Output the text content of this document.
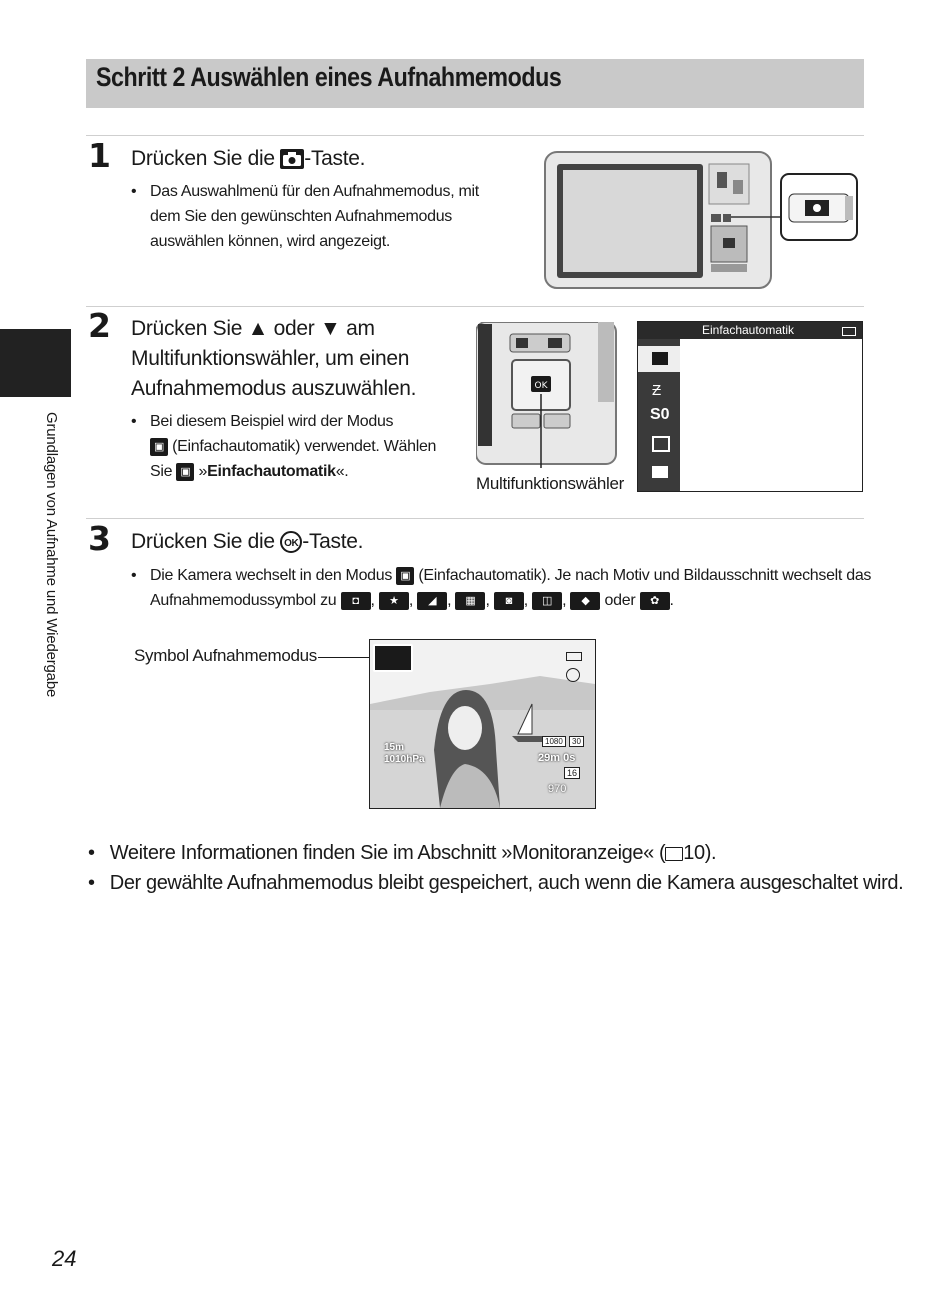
Schritt 2 Auswählen eines Aufnahmemodus
Grundlagen von Aufnahme und Wiedergabe
1 Drücken Sie die -Taste.
• Das Auswahlmenü für den Aufnahmemodus, mit
dem Sie den gewünschten Aufnahmemodus
auswählen können, wird angezeigt.
2 Drücken Sie ▲ oder ▼ am
Multifunktionswähler, um einen
Aufnahmemodus auszuwählen.
• Bei diesem Beispiel wird der Modus
▣ (Einfachautomatik) verwendet. Wählen
Sie ▣ »Einfachautomatik«.
OK
Multifunktionswähler
Einfachautomatik
Ƶ
S0
3 Drücken Sie die OK -Taste.
• Die Kamera wechselt in den Modus ▣ (Einfachautomatik). Je nach Motiv und Bildausschnitt wechselt das
Aufnahmemodussymbol zu ◘ , ★ , ◢ , ▦ , ◙ , ◫ , ◆ oder ✿ .
Symbol Aufnahmemodus
15m
1010hPa
1080	30
29m 0s
16
970
• Weitere Informationen finden Sie im Abschnitt »Monitoranzeige« ( 10).
• Der gewählte Aufnahmemodus bleibt gespeichert, auch wenn die Kamera ausgeschaltet wird.
24
